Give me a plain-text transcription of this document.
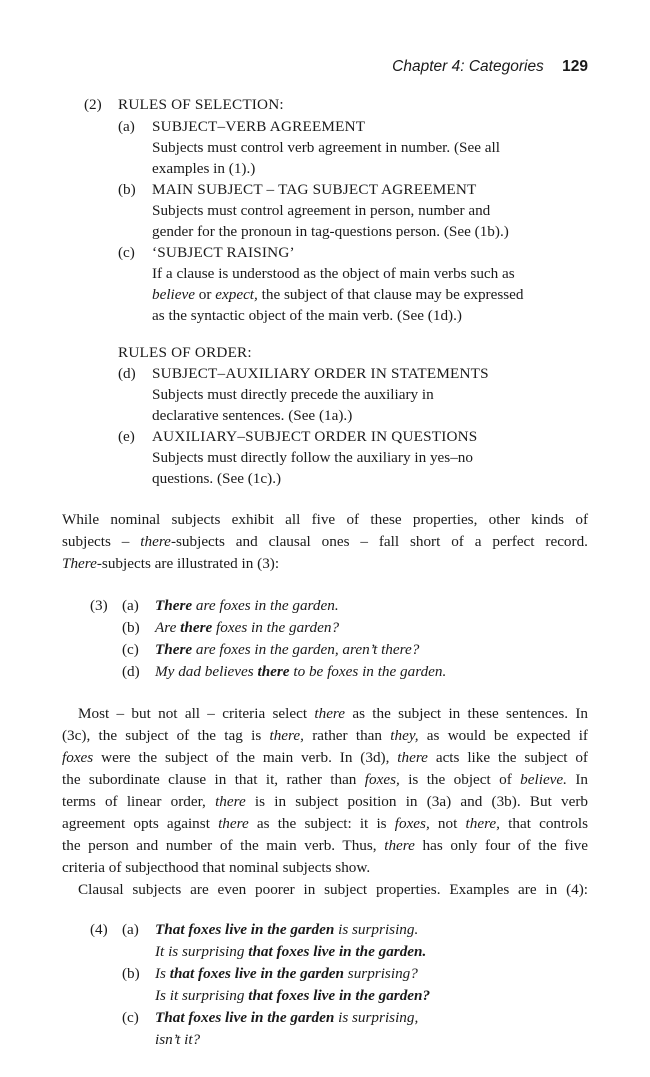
Chapter 4: Categories 129
(2) RULES OF SELECTION:
(a) SUBJECT–VERB AGREEMENT
Subjects must control verb agreement in number. (See all
examples in (1).)
(b) MAIN SUBJECT – TAG SUBJECT AGREEMENT
Subjects must control agreement in person, number and
gender for the pronoun in tag-questions person. (See (1b).)
(c) ‘SUBJECT RAISING’
If a clause is understood as the object of main verbs such as
believe or expect, the subject of that clause may be expressed
as the syntactic object of the main verb. (See (1d).)
RULES OF ORDER:
(d) SUBJECT–AUXILIARY ORDER IN STATEMENTS
Subjects must directly precede the auxiliary in
declarative sentences. (See (1a).)
(e) AUXILIARY–SUBJECT ORDER IN QUESTIONS
Subjects must directly follow the auxiliary in yes–no
questions. (See (1c).)
While nominal subjects exhibit all five of these properties, other kinds of
subjects – there-subjects and clausal ones – fall short of a perfect record.
There-subjects are illustrated in (3):
(3) (a) There are foxes in the garden.
(b) Are there foxes in the garden?
(c) There are foxes in the garden, aren’t there?
(d) My dad believes there to be foxes in the garden.
Most – but not all – criteria select there as the subject in these sentences. In
(3c), the subject of the tag is there, rather than they, as would be expected if
foxes were the subject of the main verb. In (3d), there acts like the subject of
the subordinate clause in that it, rather than foxes, is the object of believe. In
terms of linear order, there is in subject position in (3a) and (3b). But verb
agreement opts against there as the subject: it is foxes, not there, that controls
the person and number of the main verb. Thus, there has only four of the five
criteria of subjecthood that nominal subjects show.
Clausal subjects are even poorer in subject properties. Examples are in (4):
(4) (a) That foxes live in the garden is surprising.
It is surprising that foxes live in the garden.
(b) Is that foxes live in the garden surprising?
Is it surprising that foxes live in the garden?
(c) That foxes live in the garden is surprising,
isn’t it?
